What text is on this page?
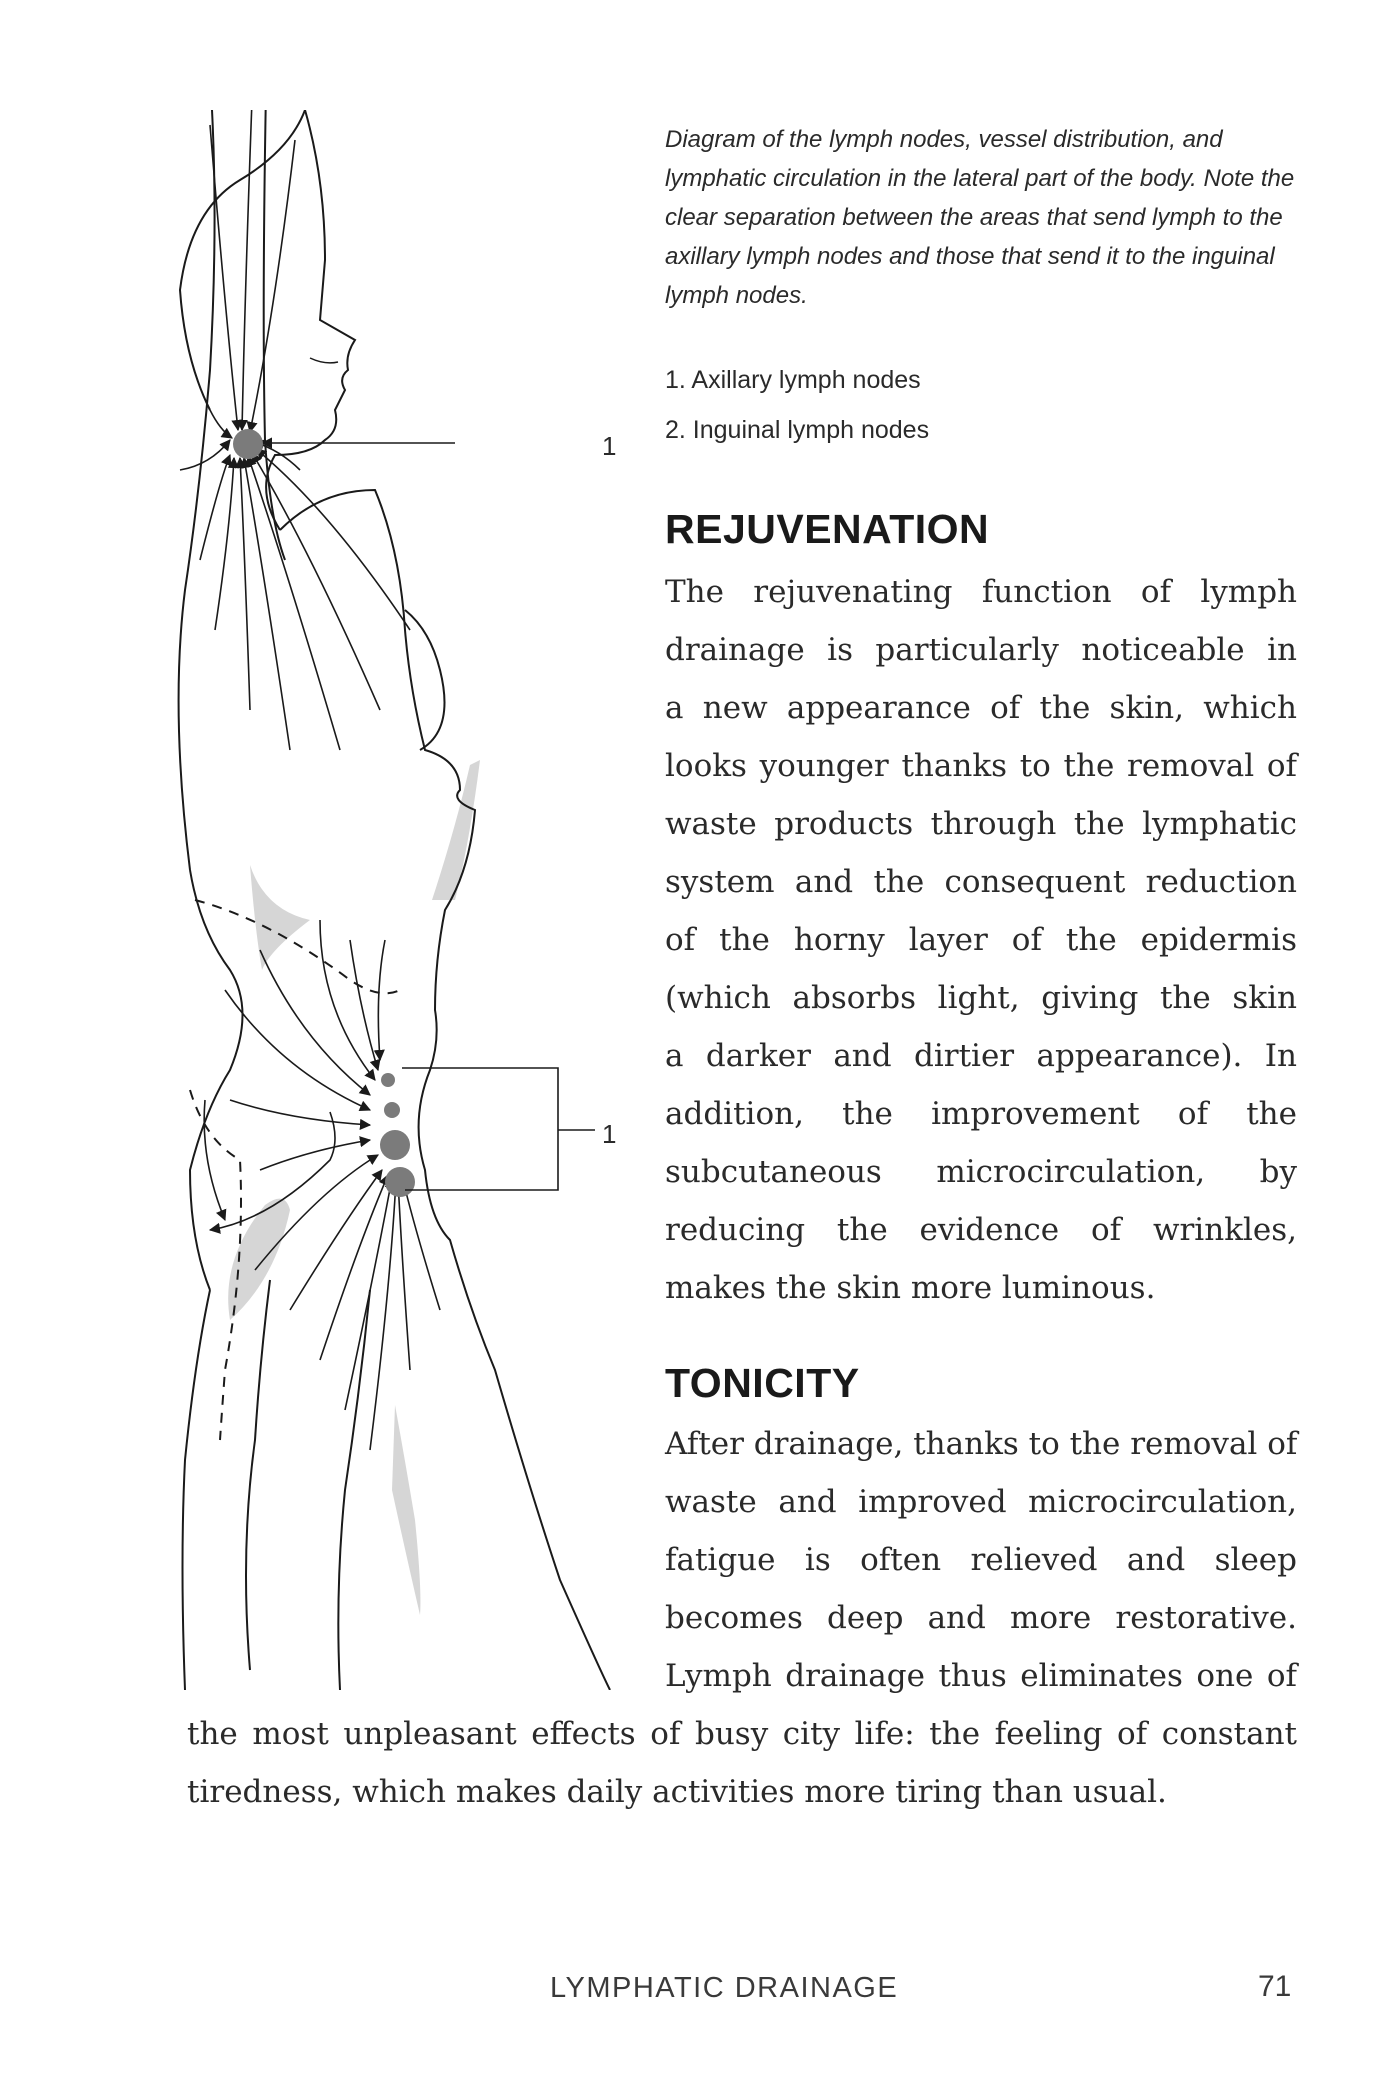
1
1
Diagram of the lymph nodes, vessel distribution, and lymphatic circulation in the lateral part of the body. Note the clear separation between the areas that send lymph to the axillary lymph nodes and those that send it to the inguinal lymph nodes.
1. Axillary lymph nodes
2. Inguinal lymph nodes
REJUVENATION
The rejuvenating function of lymph
drainage is particularly noticeable in
a new appearance of the skin, which
looks younger thanks to the removal of
waste products through the lymphatic
system and the consequent reduction
of the horny layer of the epidermis
(which absorbs light, giving the skin
a darker and dirtier appearance). In
addition, the improvement of the
subcutaneous microcirculation, by
reducing the evidence of wrinkles,
makes the skin more luminous.
TONICITY
After drainage, thanks to the removal of
waste and improved microcirculation,
fatigue is often relieved and sleep
becomes deep and more restorative.
Lymph drainage thus eliminates one of
the most unpleasant effects of busy city life: the feeling of constant
tiredness, which makes daily activities more tiring than usual.
LYMPHATIC DRAINAGE	71
